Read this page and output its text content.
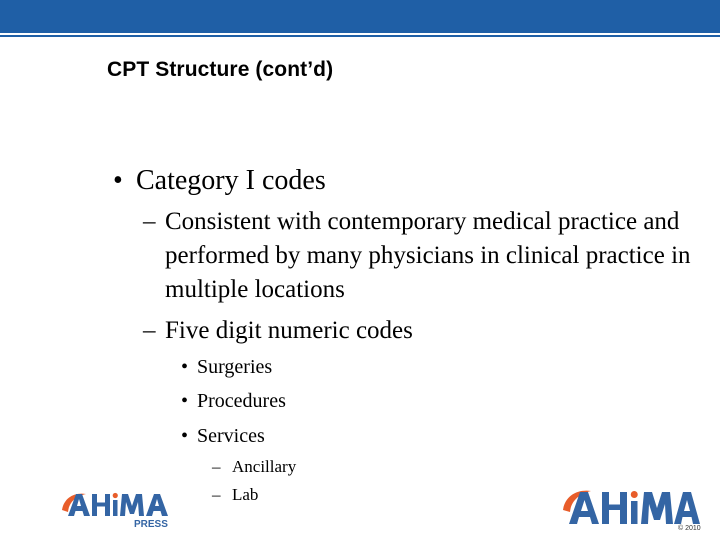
CPT Structure (cont’d)
• Category I codes
– Consistent with contemporary medical practice and performed by many physicians in clinical practice in multiple locations
– Five digit numeric codes
• Surgeries
• Procedures
• Services
– Ancillary
– Lab
PRESS	© 2010
